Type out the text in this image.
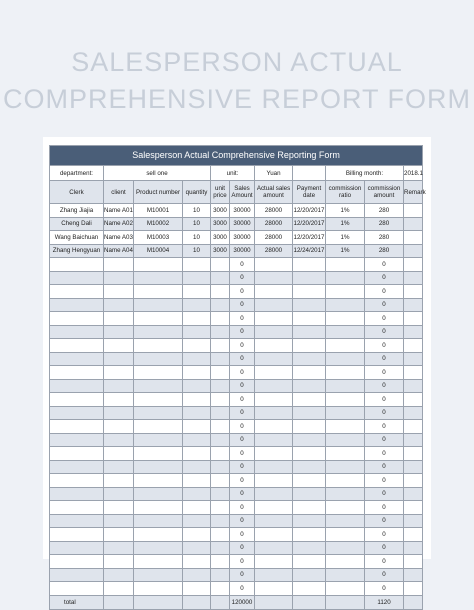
SALESPERSON ACTUAL
COMPREHENSIVE REPORT FORM
Salesperson Actual Comprehensive Reporting Form										
department:	sell one			unit:		Yuan		Billing month:		2018.1
Clerk	client	Product number	quantity	unit price	Sales Amount	Actual sales amount	Payment date	commission ratio	commission amount	Remark
Zhang Jiajia	Name A01	M10001	10	3000	30000	28000	12/20/2017	1%	280	
Cheng Dali	Name A02	M10002	10	3000	30000	28000	12/20/2017	1%	280	
Wang Baichuan	Name A03	M10003	10	3000	30000	28000	12/20/2017	1%	280	
Zhang Hengyuan	Name A04	M10004	10	3000	30000	28000	12/24/2017	1%	280	
					0				0	
					0				0	
					0				0	
					0				0	
					0				0	
					0				0	
					0				0	
					0				0	
					0				0	
					0				0	
					0				0	
					0				0	
					0				0	
					0				0	
					0				0	
					0				0	
					0				0	
					0				0	
					0				0	
					0				0	
					0				0	
					0				0	
					0				0	
					0				0	
					0				0	
total					120000				1120	
